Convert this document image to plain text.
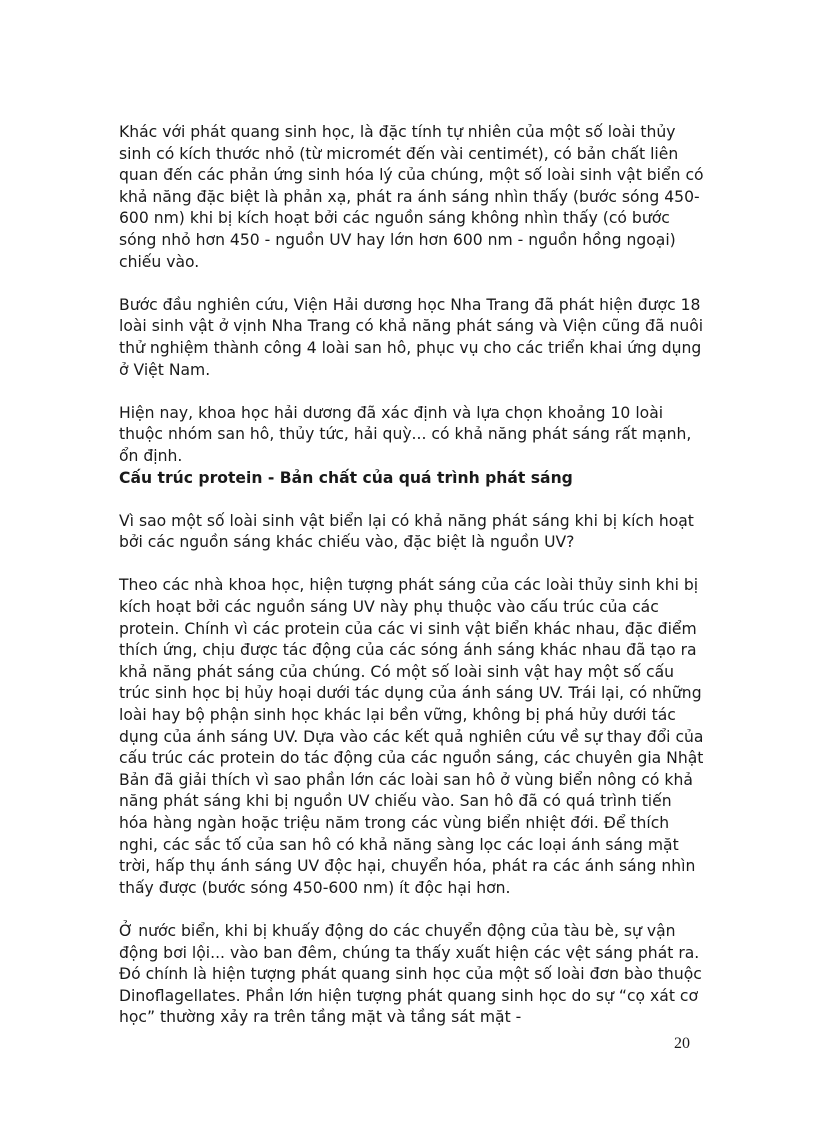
Khác với phát quang sinh học, là đặc tính tự nhiên của một số loài thủy sinh có kích thước nhỏ (từ micromét đến vài centimét), có bản chất liên quan đến các phản ứng sinh hóa lý của chúng, một số loài sinh vật biển có khả năng đặc biệt là phản xạ, phát ra ánh sáng nhìn thấy (bước sóng 450-600 nm) khi bị kích hoạt bởi các nguồn sáng không nhìn thấy (có bước sóng nhỏ hơn 450 - nguồn UV hay lớn hơn 600 nm - nguồn hồng ngoại) chiếu vào.

Bước đầu nghiên cứu, Viện Hải dương học Nha Trang đã phát hiện được 18 loài sinh vật ở vịnh Nha Trang có khả năng phát sáng và Viện cũng đã nuôi thử nghiệm thành công 4 loài san hô, phục vụ cho các triển khai ứng dụng ở Việt Nam.

Hiện nay, khoa học hải dương đã xác định và lựa chọn khoảng 10 loài thuộc nhóm san hô, thủy tức, hải quỳ... có khả năng phát sáng rất mạnh, ổn định.

Cấu trúc protein - Bản chất của quá trình phát sáng

Vì sao một số loài sinh vật biển lại có khả năng phát sáng khi bị kích hoạt bởi các nguồn sáng khác chiếu vào, đặc biệt là nguồn UV?

Theo các nhà khoa học, hiện tượng phát sáng của các loài thủy sinh khi bị kích hoạt bởi các nguồn sáng UV này phụ thuộc vào cấu trúc của các protein. Chính vì các protein của các vi sinh vật biển khác nhau, đặc điểm thích ứng, chịu được tác động của các sóng ánh sáng khác nhau đã tạo ra khả năng phát sáng của chúng. Có một số loài sinh vật hay một số cấu trúc sinh học bị hủy hoại dưới tác dụng của ánh sáng UV. Trái lại, có những loài hay bộ phận sinh học khác lại bền vững, không bị phá hủy dưới tác dụng của ánh sáng UV. Dựa vào các kết quả nghiên cứu về sự thay đổi của cấu trúc các protein do tác động của các nguồn sáng, các chuyên gia Nhật Bản đã giải thích vì sao phần lớn các loài san hô ở vùng biển nông có khả năng phát sáng khi bị nguồn UV chiếu vào. San hô đã có quá trình tiến hóa hàng ngàn hoặc triệu năm trong các vùng biển nhiệt đới. Để thích nghi, các sắc tố của san hô có khả năng sàng lọc các loại ánh sáng mặt trời, hấp thụ ánh sáng UV độc hại, chuyển hóa, phát ra các ánh sáng nhìn thấy được (bước sóng 450-600 nm) ít độc hại hơn.

Ở nước biển, khi bị khuấy động do các chuyển động của tàu bè, sự vận động bơi lội... vào ban đêm, chúng ta thấy xuất hiện các vệt sáng phát ra. Đó chính là hiện tượng phát quang sinh học của một số loài đơn bào thuộc Dinoflagellates. Phần lớn hiện tượng phát quang sinh học do sự “cọ xát cơ học” thường xảy ra trên tầng mặt và tầng sát mặt -

20
